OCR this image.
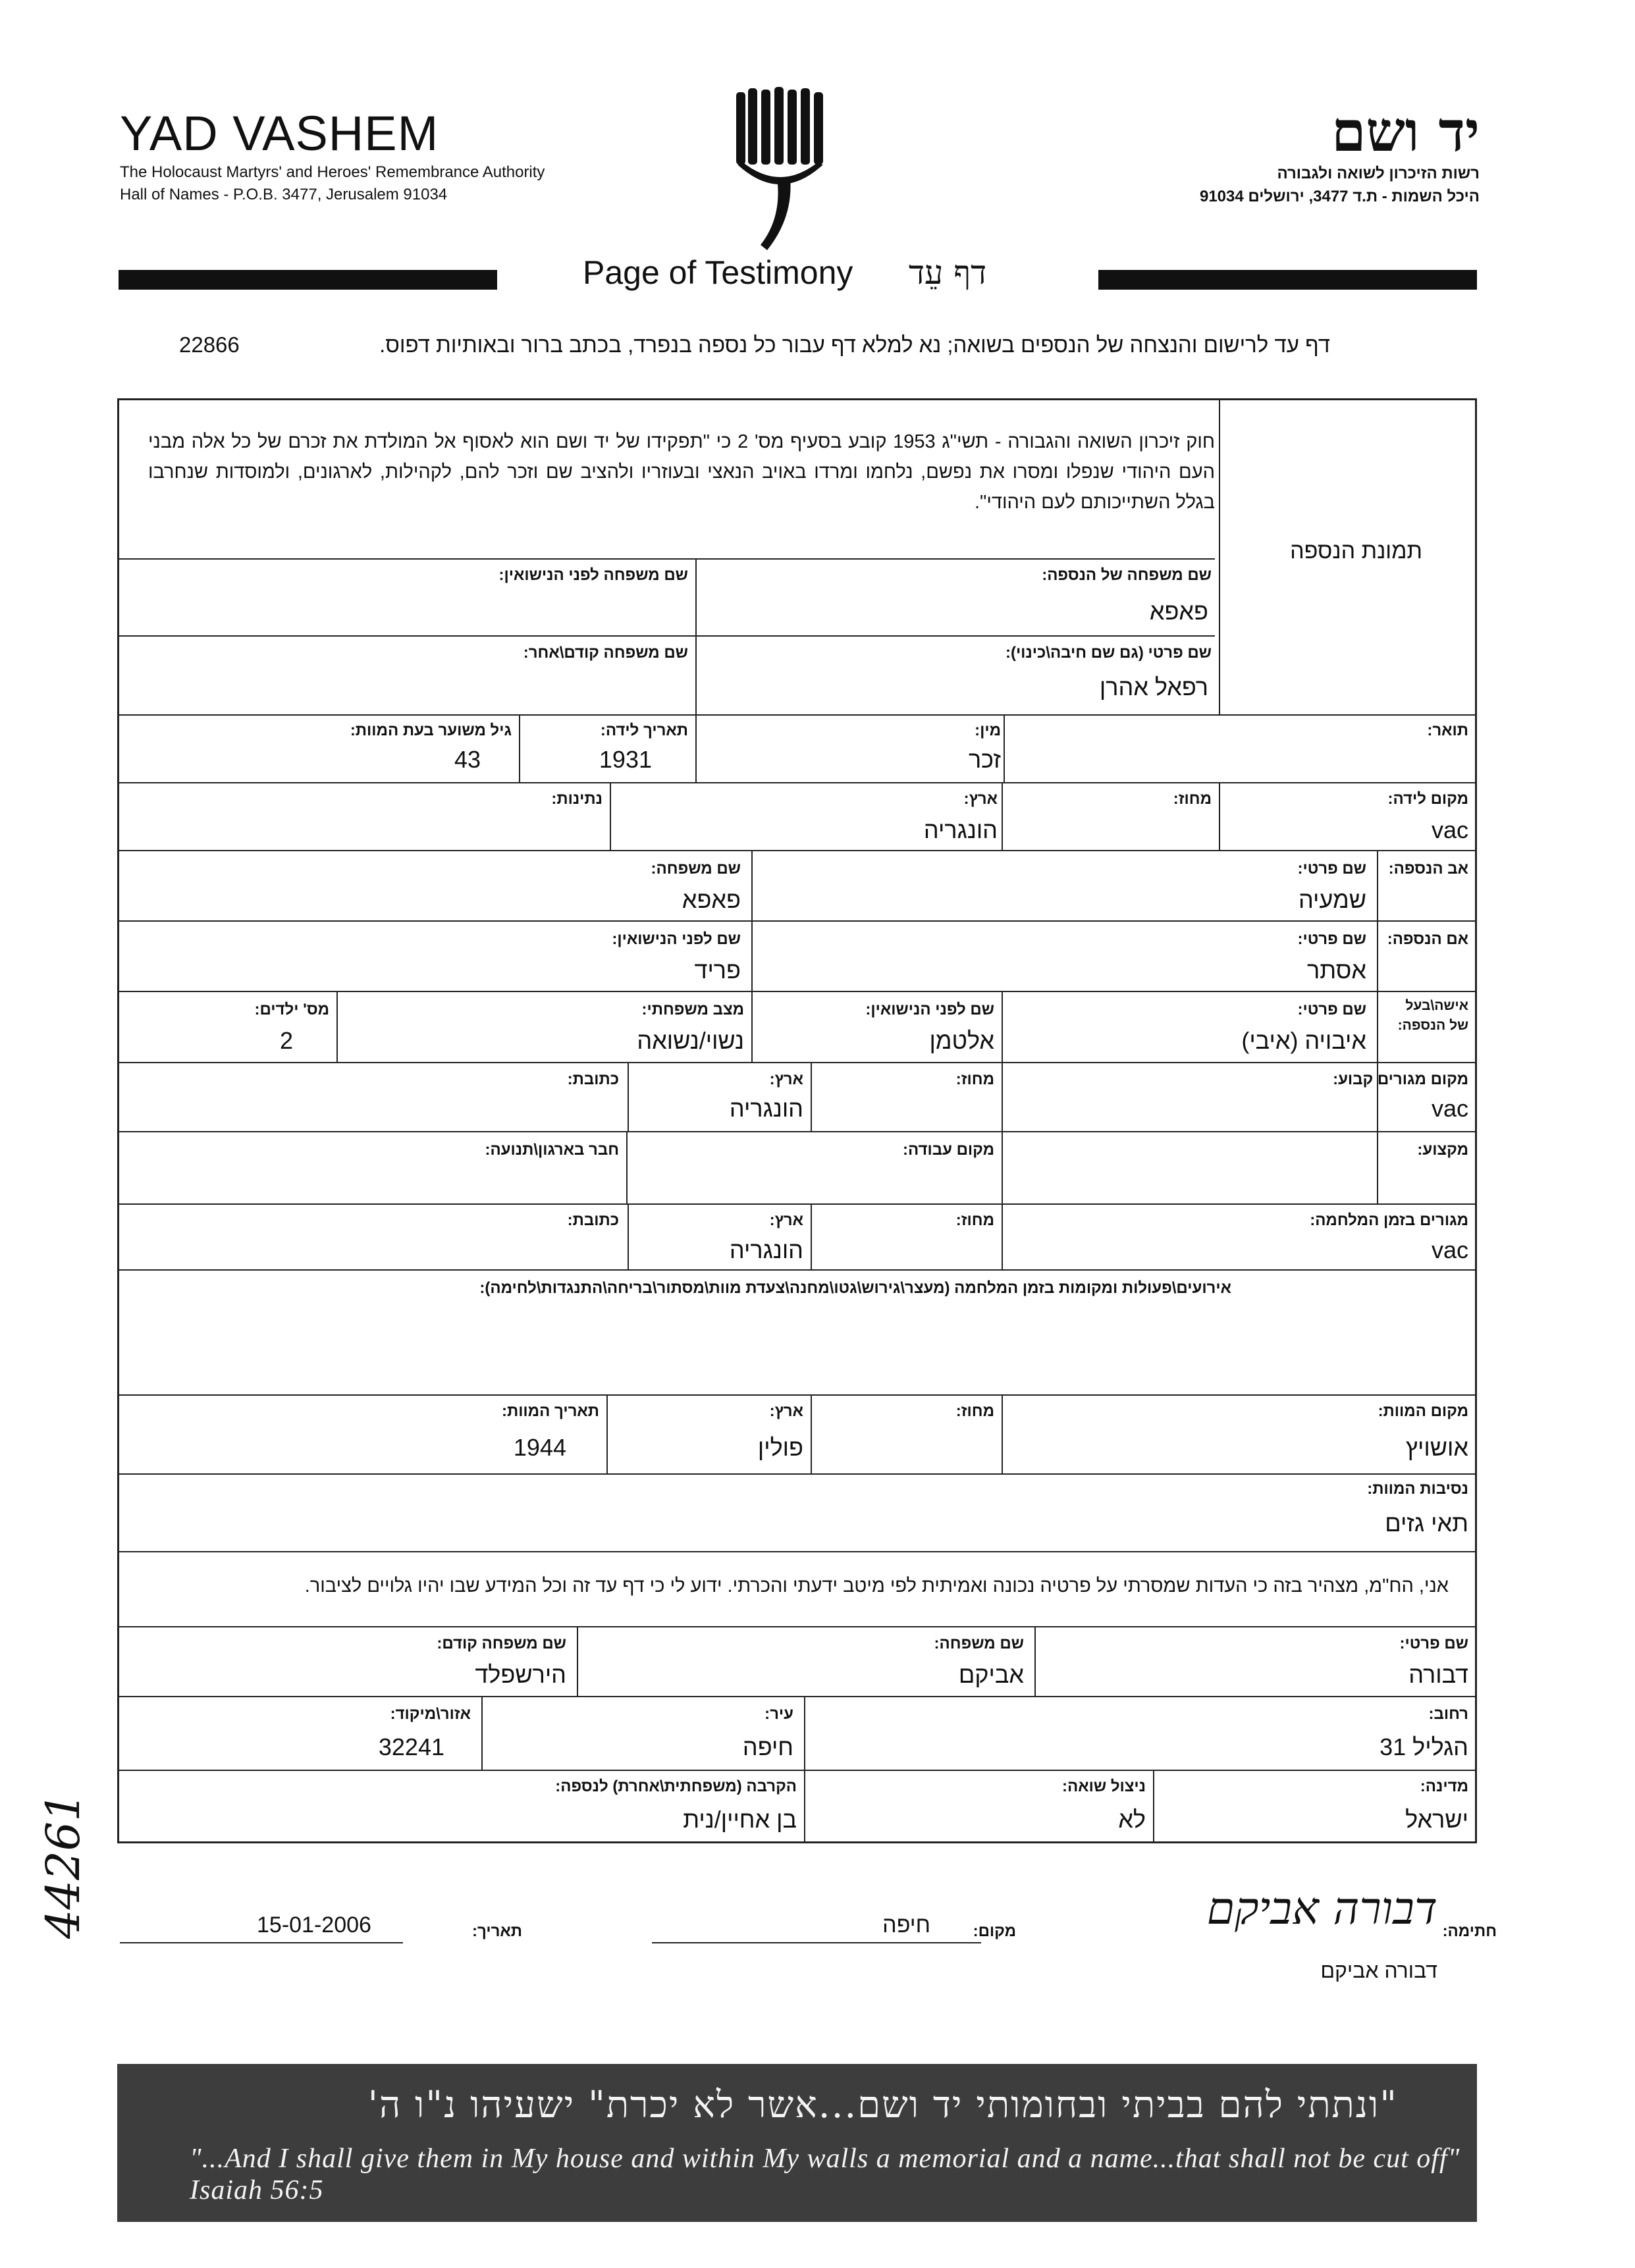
YAD VASHEM
The Holocaust Martyrs' and Heroes' Remembrance Authority
Hall of Names - P.O.B. 3477, Jerusalem 91034
יד ושם
רשות הזיכרון לשואה ולגבורה
היכל השמות - ת.ד 3477, ירושלים 91034
Page of Testimony דף עֵד
דף עד לרישום והנצחה של הנספים בשואה; נא למלא דף עבור כל נספה בנפרד, בכתב ברור ובאותיות דפוס.
22866
חוק זיכרון השואה והגבורה - תשי"ג 1953 קובע בסעיף מס' 2 כי "תפקידו של יד ושם הוא לאסוף אל המולדת את זכרם של כל אלה מבני העם היהודי שנפלו ומסרו את נפשם, נלחמו ומרדו באויב הנאצי ובעוזריו ולהציב שם וזכר להם, לקהילות, לארגונים, ולמוסדות שנחרבו בגלל השתייכותם לעם היהודי".
תמונת הנספה
שם משפחה של הנספה:
פאפא
שם משפחה לפני הנישואין:
שם פרטי (גם שם חיבה\כינוי):
רפאל אהרן
שם משפחה קודם\אחר:
תואר:
מין:
זכר
תאריך לידה:
1931
גיל משוער בעת המוות:
43
מקום לידה:
vac
מחוז:
ארץ:
הונגריה
נתינות:
אב הנספה:
שם פרטי:
שמעיה
שם משפחה:
פאפא
אם הנספה:
שם פרטי:
אסתר
שם לפני הנישואין:
פריד
אישה\בעל
של הנספה:
שם פרטי:
איבויה (איבי)
שם לפני הנישואין:
אלטמן
מצב משפחתי:
נשוי/נשואה
מס' ילדים:
2
מקום מגורים קבוע:
vac
מחוז:
ארץ:
הונגריה
כתובת:
מקצוע:
מקום עבודה:
חבר בארגון\תנועה:
מגורים בזמן המלחמה:
vac
מחוז:
ארץ:
הונגריה
כתובת:
אירועים\פעולות ומקומות בזמן המלחמה (מעצר\גירוש\גטו\מחנה\צעדת מוות\מסתור\בריחה\התנגדות\לחימה):
מקום המוות:
אושויץ
מחוז:
ארץ:
פולין
תאריך המוות:
1944
נסיבות המוות:
תאי גזים
אני, הח"מ, מצהיר בזה כי העדות שמסרתי על פרטיה נכונה ואמיתית לפי מיטב ידעתי והכרתי. ידוע לי כי דף עד זה וכל המידע שבו יהיו גלויים לציבור.
שם פרטי:
דבורה
שם משפחה:
אביקם
שם משפחה קודם:
הירשפלד
רחוב:
הגליל 31
עיר:
חיפה
אזור\מיקוד:
32241
מדינה:
ישראל
ניצול שואה:
לא
הקרבה (משפחתית\אחרת) לנספה:
בן אחיין/נית
חתימה:
דבורה אביקם
דבורה אביקם
מקום:
חיפה
תאריך:
15-01-2006
"ונתתי להם בביתי ובחומותי יד ושם...אשר לא יכרת" ישעיהו נ"ו ה'
"...And I shall give them in My house and within My walls a memorial and a name...that shall not be cut off" Isaiah 56:5
44261
